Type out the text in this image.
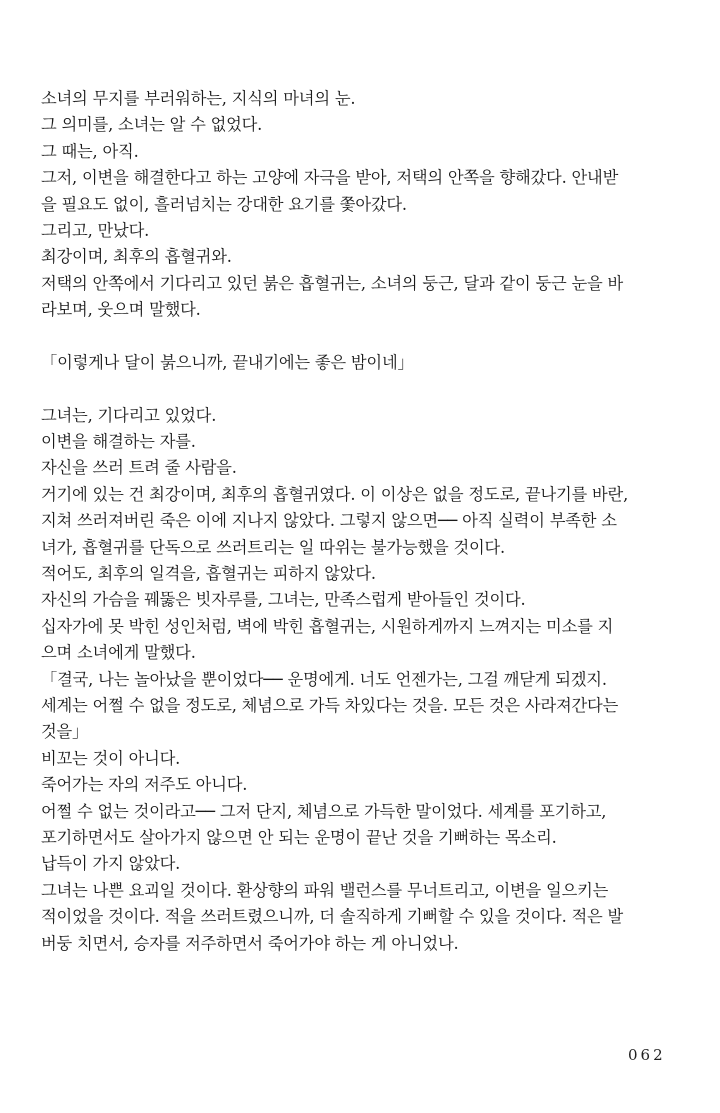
소녀의 무지를 부러워하는, 지식의 마녀의 눈.
그 의미를, 소녀는 알 수 없었다.
그 때는, 아직.
그저, 이변을 해결한다고 하는 고양에 자극을 받아, 저택의 안쪽을 향해갔다. 안내받
을 필요도 없이, 흘러넘치는 강대한 요기를 쫓아갔다.
그리고, 만났다.
최강이며, 최후의 흡혈귀와.
저택의 안쪽에서 기다리고 있던 붉은 흡혈귀는, 소녀의 둥근, 달과 같이 둥근 눈을 바
라보며, 웃으며 말했다.
「이렇게나 달이 붉으니까, 끝내기에는 좋은 밤이네」
그녀는, 기다리고 있었다.
이변을 해결하는 자를.
자신을 쓰러 트려 줄 사람을.
거기에 있는 건 최강이며, 최후의 흡혈귀였다. 이 이상은 없을 정도로, 끝나기를 바란,
지쳐 쓰러져버린 죽은 이에 지나지 않았다. 그렇지 않으면── 아직 실력이 부족한 소
녀가, 흡혈귀를 단독으로 쓰러트리는 일 따위는 불가능했을 것이다.
적어도, 최후의 일격을, 흡혈귀는 피하지 않았다.
자신의 가슴을 꿰뚫은 빗자루를, 그녀는, 만족스럽게 받아들인 것이다.
십자가에 못 박힌 성인처럼, 벽에 박힌 흡혈귀는, 시원하게까지 느껴지는 미소를 지
으며 소녀에게 말했다.
「결국, 나는 놀아났을 뿐이었다── 운명에게. 너도 언젠가는, 그걸 깨닫게 되겠지.
세계는 어쩔 수 없을 정도로, 체념으로 가득 차있다는 것을. 모든 것은 사라져간다는
것을」
비꼬는 것이 아니다.
죽어가는 자의 저주도 아니다.
어쩔 수 없는 것이라고── 그저 단지, 체념으로 가득한 말이었다. 세계를 포기하고,
포기하면서도 살아가지 않으면 안 되는 운명이 끝난 것을 기뻐하는 목소리.
납득이 가지 않았다.
그녀는 나쁜 요괴일 것이다. 환상향의 파워 밸런스를 무너트리고, 이변을 일으키는
적이었을 것이다. 적을 쓰러트렸으니까, 더 솔직하게 기뻐할 수 있을 것이다. 적은 발
버둥 치면서, 승자를 저주하면서 죽어가야 하는 게 아니었나.
062
